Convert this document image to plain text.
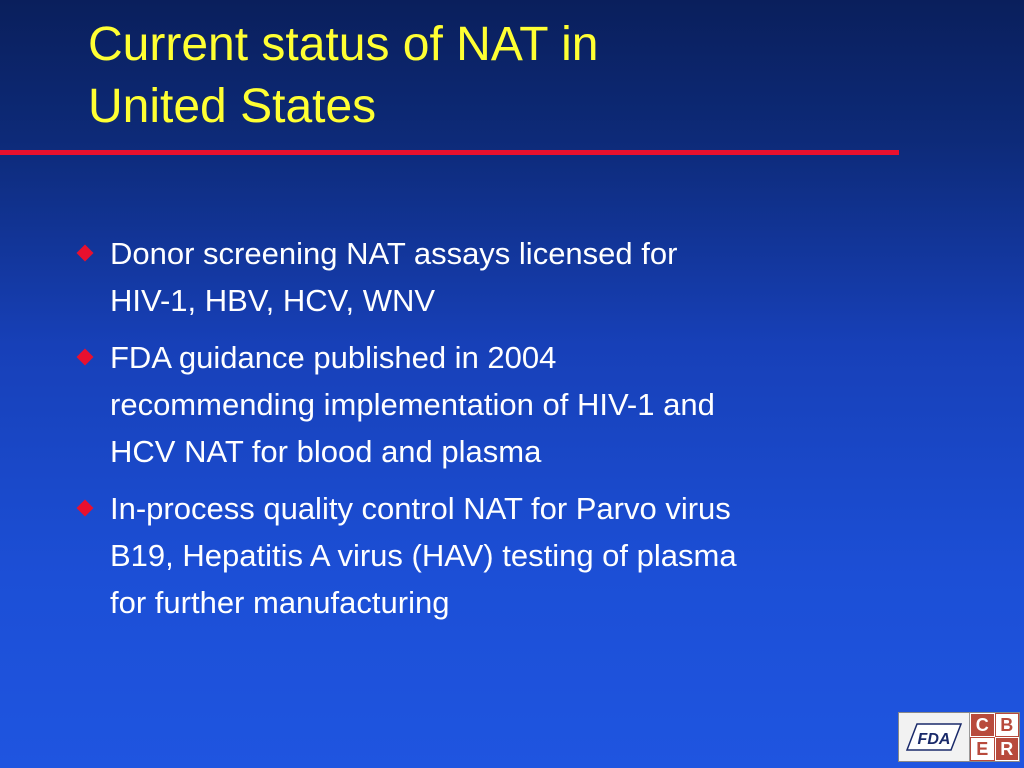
Current status of NAT in
United States
Donor screening NAT assays licensed for
HIV-1, HBV, HCV, WNV
FDA guidance published in 2004
recommending implementation of HIV-1 and
HCV NAT for blood and plasma
In-process quality control NAT for Parvo virus
B19, Hepatitis A virus (HAV) testing of plasma
for further manufacturing
FDA
C B
E R
